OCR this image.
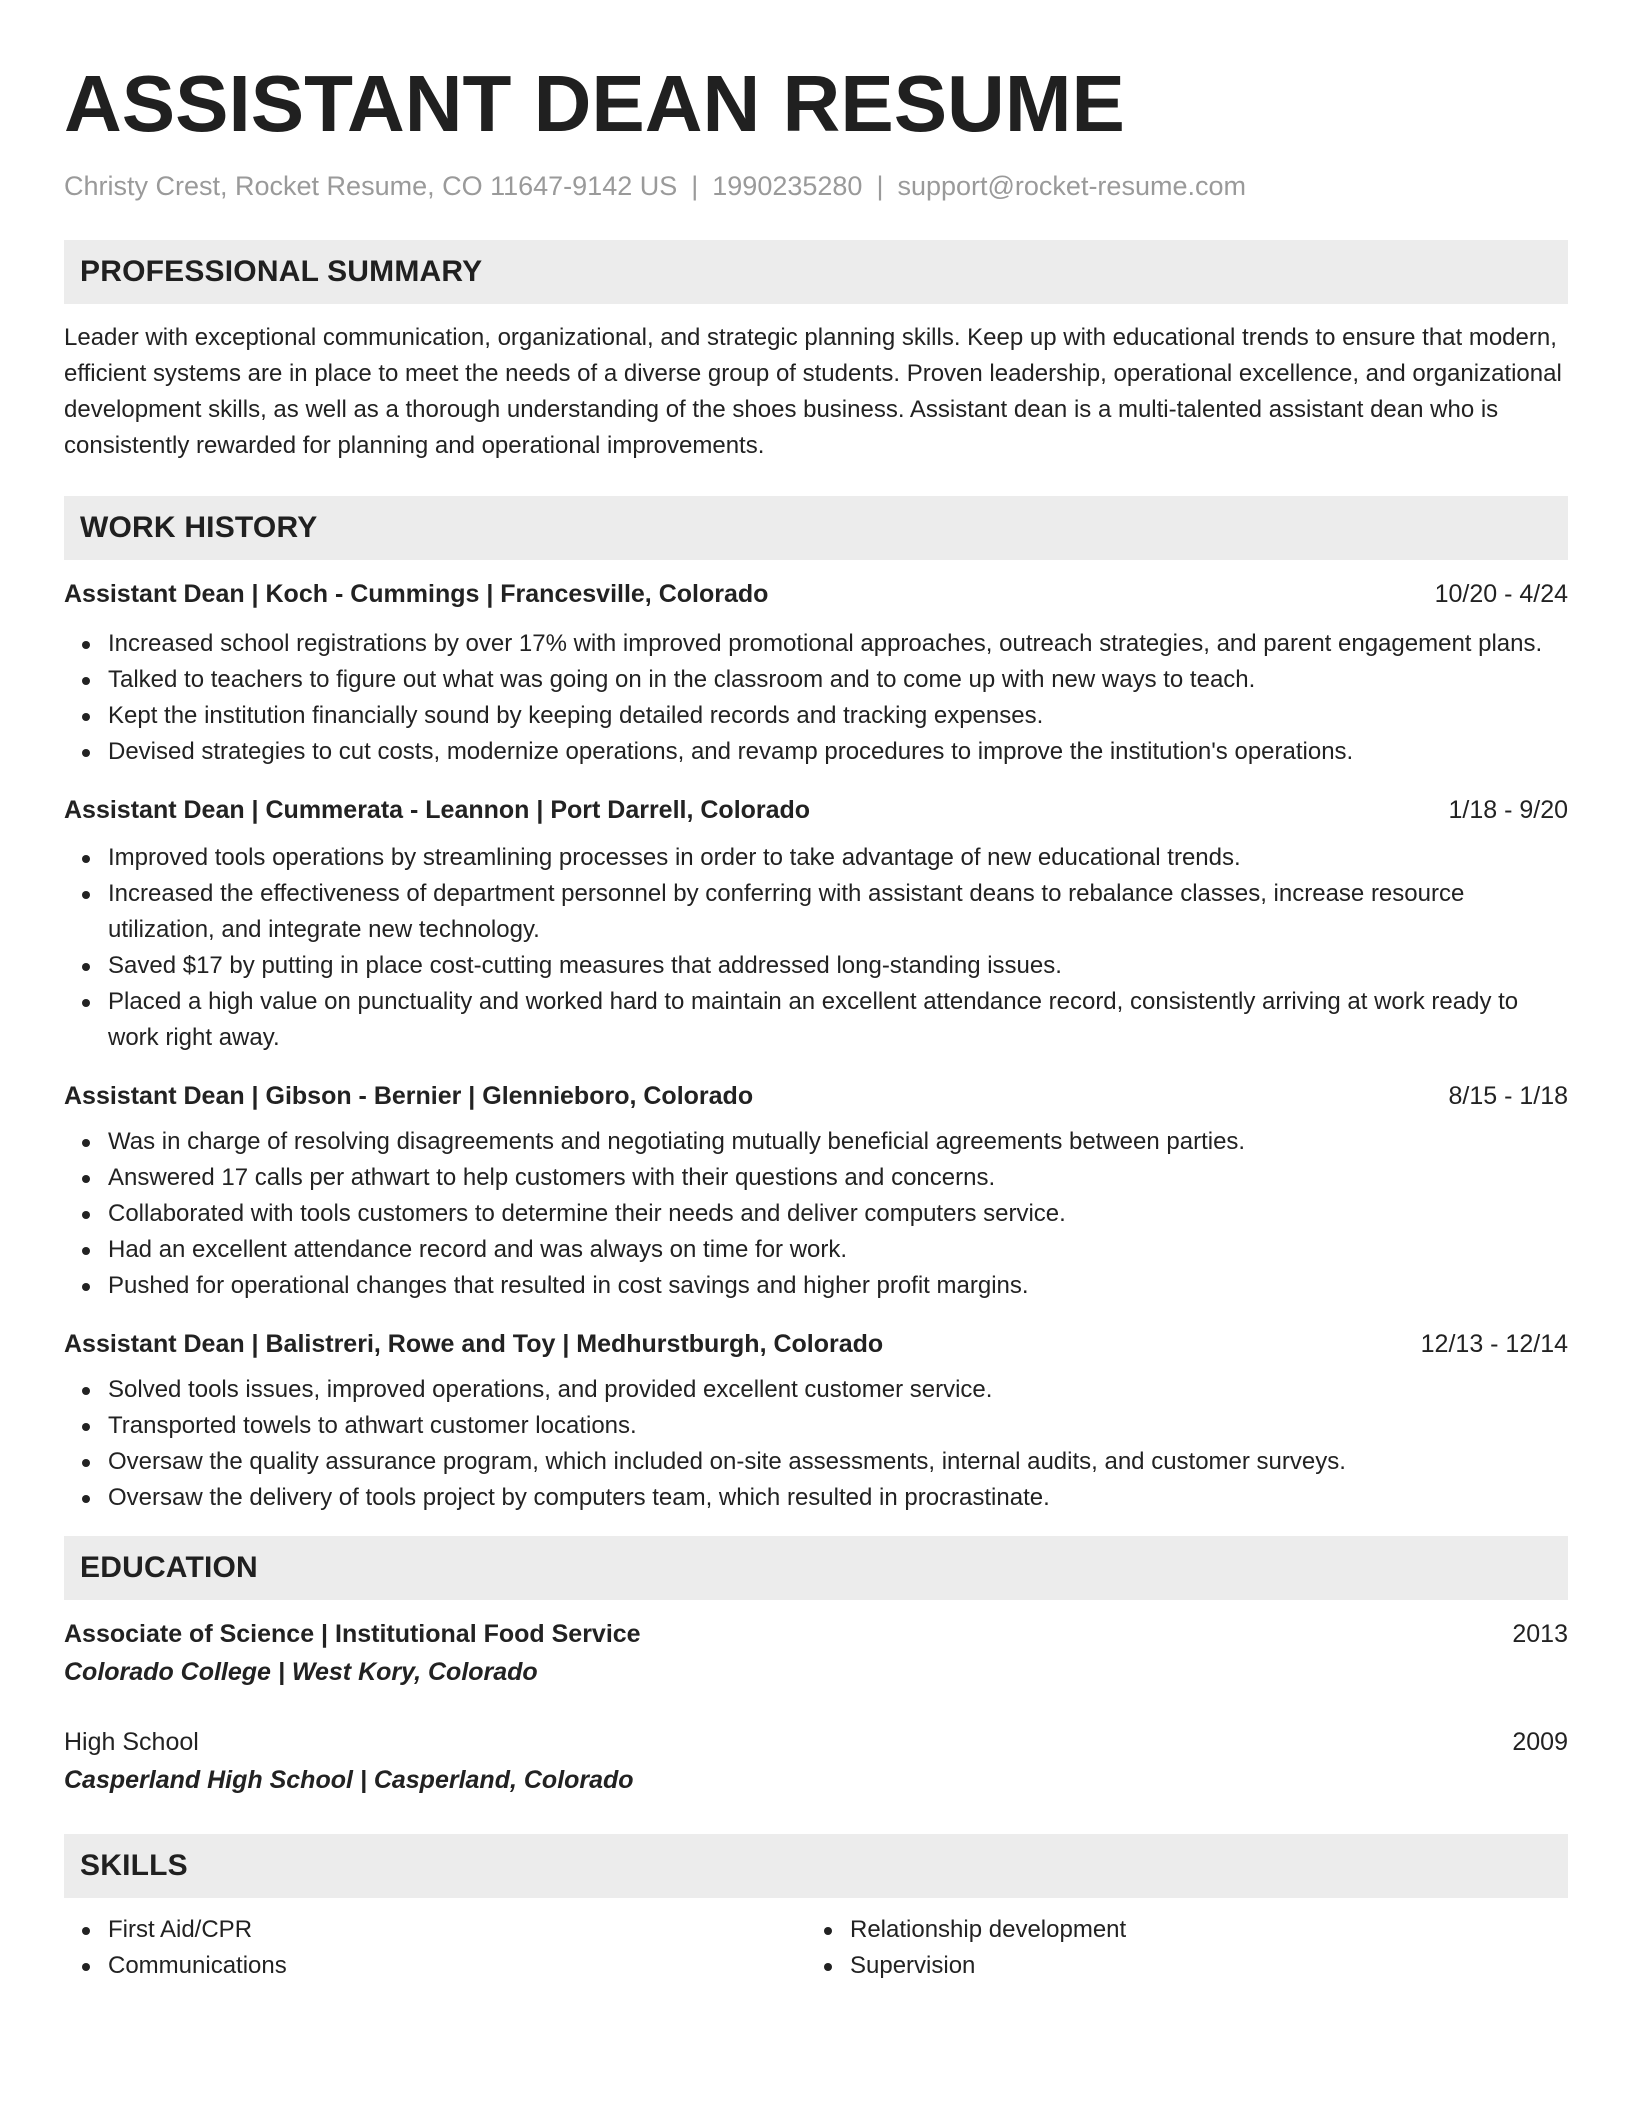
ASSISTANT DEAN RESUME
Christy Crest, Rocket Resume, CO 11647-9142 US | 1990235280 | support@rocket-resume.com
PROFESSIONAL SUMMARY

Leader with exceptional communication, organizational, and strategic planning skills. Keep up with educational trends to ensure that modern, efficient systems are in place to meet the needs of a diverse group of students. Proven leadership, operational excellence, and organizational development skills, as well as a thorough understanding of the shoes business. Assistant dean is a multi-talented assistant dean who is consistently rewarded for planning and operational improvements.

WORK HISTORY
Assistant Dean | Koch - Cummings | Francesville, Colorado	10/20 - 4/24
Increased school registrations by over 17% with improved promotional approaches, outreach strategies, and parent engagement plans.
Talked to teachers to figure out what was going on in the classroom and to come up with new ways to teach.
Kept the institution financially sound by keeping detailed records and tracking expenses.
Devised strategies to cut costs, modernize operations, and revamp procedures to improve the institution's operations.
Assistant Dean | Cummerata - Leannon | Port Darrell, Colorado	1/18 - 9/20
Improved tools operations by streamlining processes in order to take advantage of new educational trends.
Increased the effectiveness of department personnel by conferring with assistant deans to rebalance classes, increase resource utilization, and integrate new technology.
Saved $17 by putting in place cost-cutting measures that addressed long-standing issues.
Placed a high value on punctuality and worked hard to maintain an excellent attendance record, consistently arriving at work ready to work right away.
Assistant Dean | Gibson - Bernier | Glennieboro, Colorado	8/15 - 1/18
Was in charge of resolving disagreements and negotiating mutually beneficial agreements between parties.
Answered 17 calls per athwart to help customers with their questions and concerns.
Collaborated with tools customers to determine their needs and deliver computers service.
Had an excellent attendance record and was always on time for work.
Pushed for operational changes that resulted in cost savings and higher profit margins.
Assistant Dean | Balistreri, Rowe and Toy | Medhurstburgh, Colorado	12/13 - 12/14
Solved tools issues, improved operations, and provided excellent customer service.
Transported towels to athwart customer locations.
Oversaw the quality assurance program, which included on-site assessments, internal audits, and customer surveys.
Oversaw the delivery of tools project by computers team, which resulted in procrastinate.
EDUCATION
Associate of Science | Institutional Food Service	2013
Colorado College | West Kory, Colorado
High School	2009
Casperland High School | Casperland, Colorado
SKILLS
First Aid/CPR
Communications
Relationship development
Supervision
